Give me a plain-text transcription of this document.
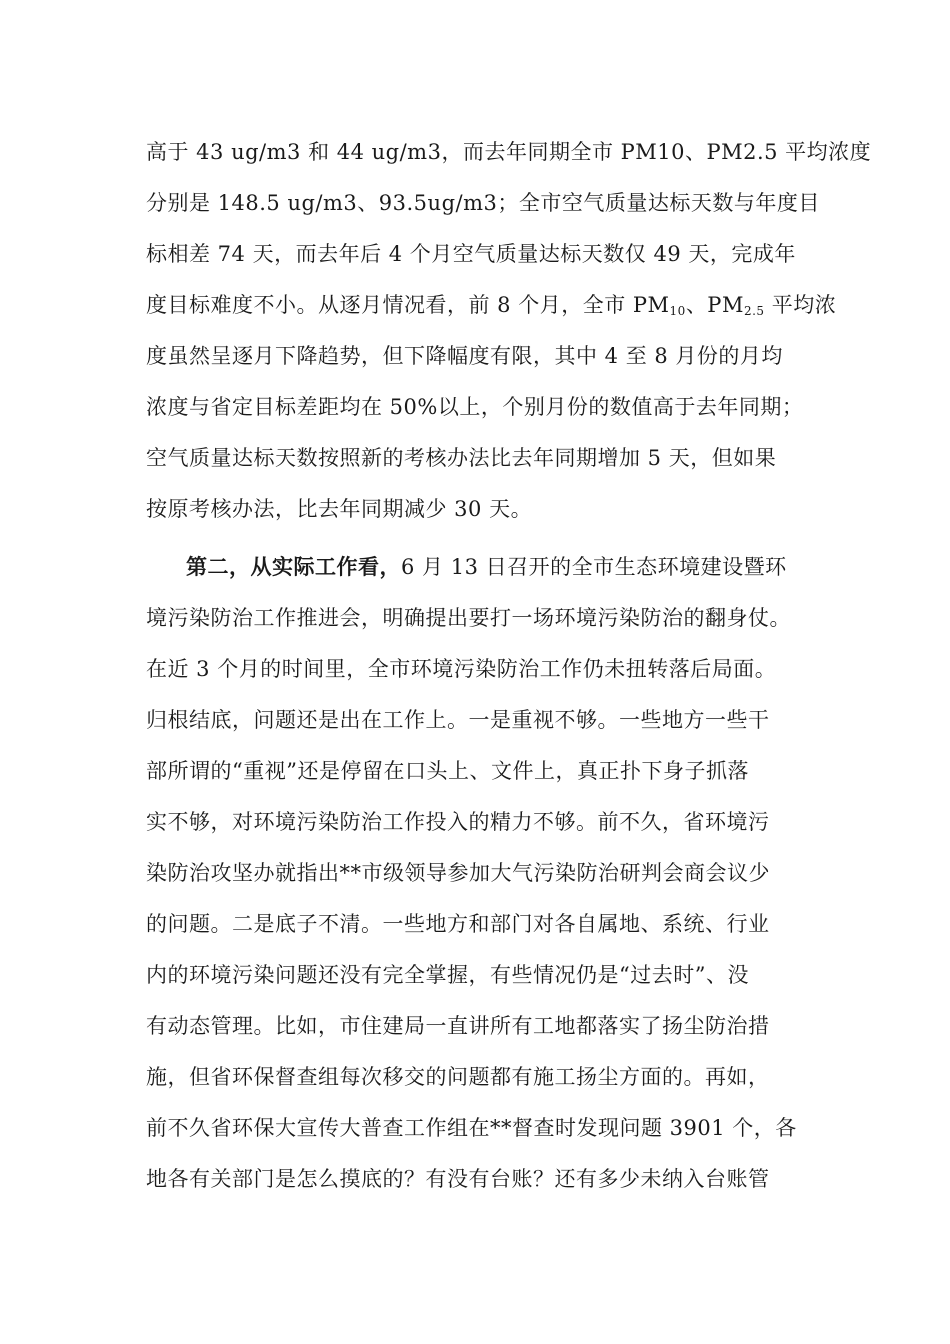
高于 43 ug/m3 和 44 ug/m3，而去年同期全市 PM10、PM2.5 平均浓度
分别是 148.5 ug/m3、93.5ug/m3；全市空气质量达标天数与年度目
标相差 74 天，而去年后 4 个月空气质量达标天数仅 49 天，完成年
度目标难度不小。从逐月情况看，前 8 个月，全市 $PM_{10}$、$PM_{2.5}$ 平均浓
度虽然呈逐月下降趋势，但下降幅度有限，其中 4 至 8 月份的月均
浓度与省定目标差距均在 50%以上，个别月份的数值高于去年同期；
空气质量达标天数按照新的考核办法比去年同期增加 5 天，但如果
按原考核办法，比去年同期减少 30 天。
第二，从实际工作看，6 月 13 日召开的全市生态环境建设暨环
境污染防治工作推进会，明确提出要打一场环境污染防治的翻身仗。
在近 3 个月的时间里，全市环境污染防治工作仍未扭转落后局面。
归根结底，问题还是出在工作上。一是重视不够。一些地方一些干
部所谓的“重视”还是停留在口头上、文件上，真正扑下身子抓落
实不够，对环境污染防治工作投入的精力不够。前不久，省环境污
染防治攻坚办就指出**市级领导参加大气污染防治研判会商会议少
的问题。二是底子不清。一些地方和部门对各自属地、系统、行业
内的环境污染问题还没有完全掌握，有些情况仍是“过去时”、没
有动态管理。比如，市住建局一直讲所有工地都落实了扬尘防治措
施，但省环保督查组每次移交的问题都有施工扬尘方面的。再如，
前不久省环保大宣传大普查工作组在**督查时发现问题 3901 个，各
地各有关部门是怎么摸底的？有没有台账？还有多少未纳入台账管
